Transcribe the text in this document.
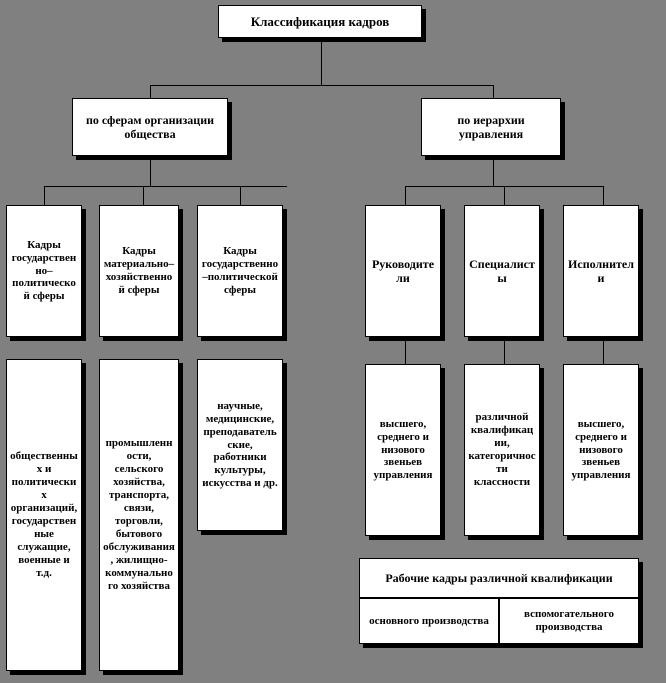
Классификация кадров
по сферам организации общества
по иерархии управления
Кадры государственно–политической сферы
Кадры материально–хозяйственной сферы
Кадры государственно–политической сферы
общественных и политических организаций, государственные служащие, военные и т.д.
промышленности, сельского хозяйства, транспорта, связи, торговли, бытового обслуживания, жилищно-коммунального хозяйства
научные, медицинские, преподавательские, работники культуры, искусства и др.
Руководители
Специалисты
Исполнители
высшего, среднего и низового звеньев управления
различной квалификации, категоричности классности
высшего, среднего и низового звеньев управления
Рабочие кадры различной квалификации
основного производства
вспомогательного производства
